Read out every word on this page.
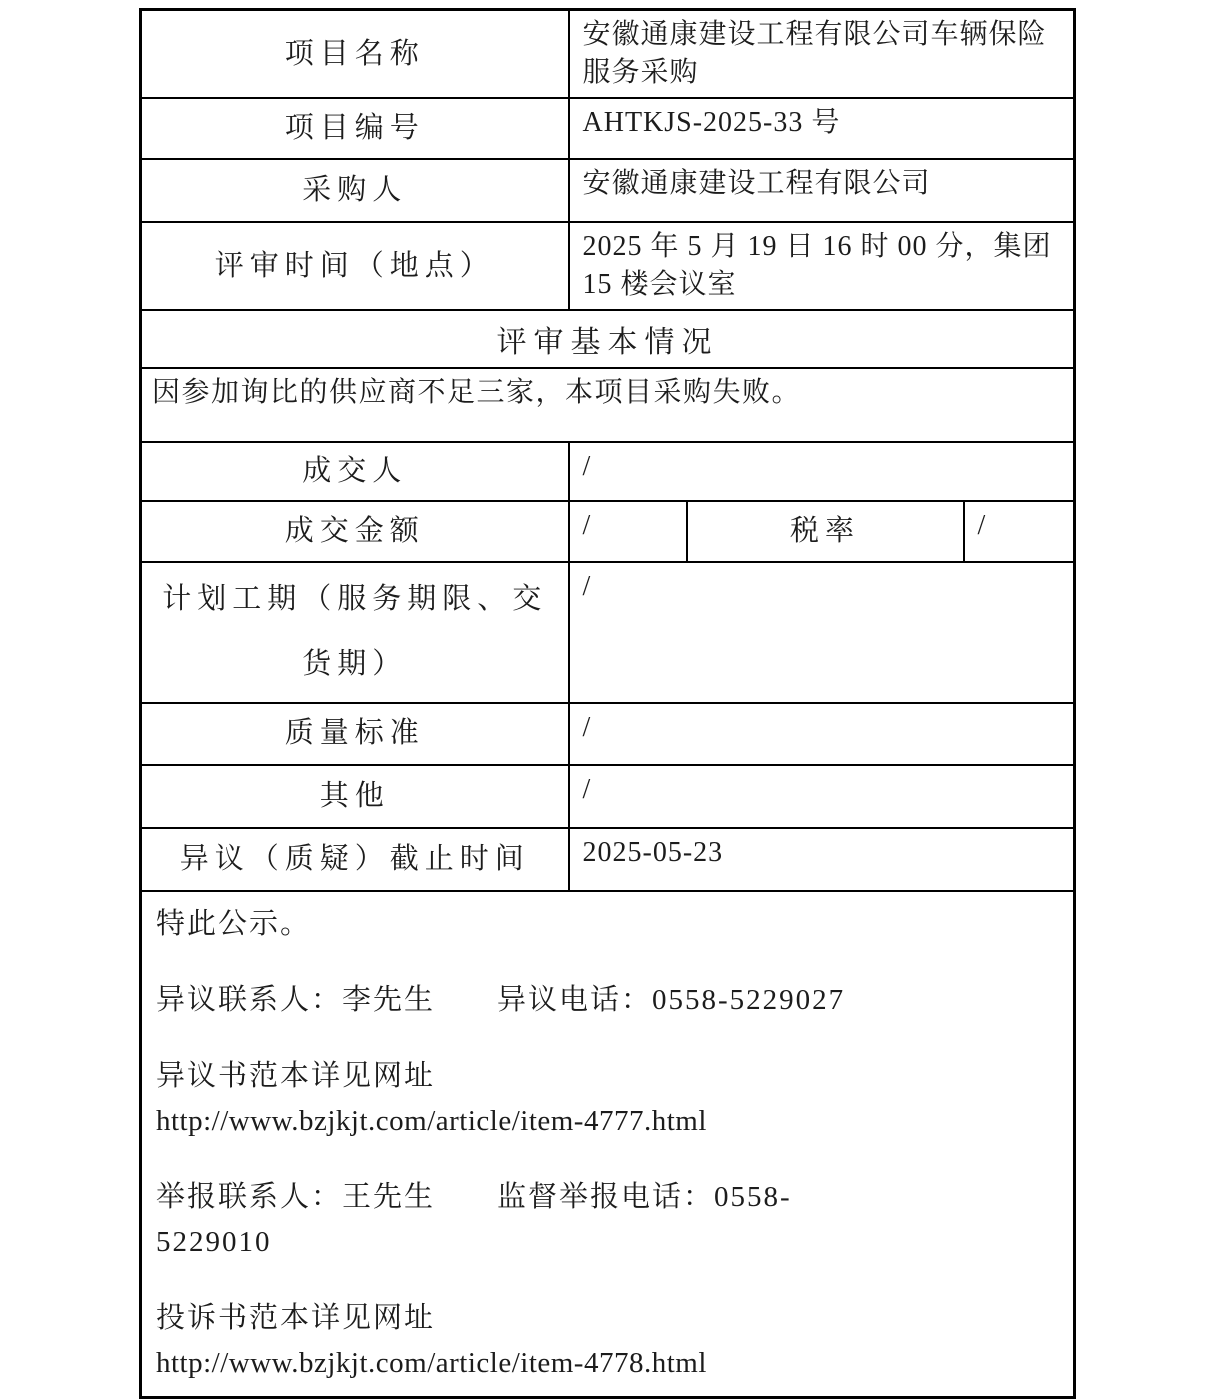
项目名称	安徽通康建设工程有限公司车辆保险服务采购		
项目编号	AHTKJS-2025-33 号		
采购人	安徽通康建设工程有限公司		
评审时间（地点）	2025 年 5 月 19 日 16 时 00 分，集团 15 楼会议室		
评审基本情况			
因参加询比的供应商不足三家，本项目采购失败。			
成交人	/		
成交金额	/	税率	/
计划工期（服务期限、交货期）	/		
质量标准	/		
其他	/		
异议（质疑）截止时间	2025-05-23		

特此公示。

异议联系人：李先生　　异议电话：0558-5229027

异议书范本详见网址

http://www.bzjkjt.com/article/item-4777.html

举报联系人：王先生　　监督举报电话：0558-

5229010

投诉书范本详见网址

http://www.bzjkjt.com/article/item-4778.html
